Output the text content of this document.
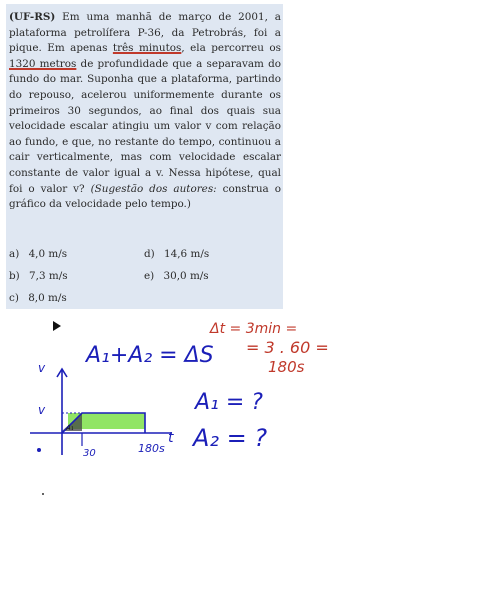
(UF-RS) Em uma manhã de março de 2001, a plataforma petrolífera P-36, da Petrobrás, foi a pique. Em apenas três minutos, ela percorreu os 1320 metros de profundidade que a separavam do fundo do mar. Suponha que a plataforma, partindo do repouso, acelerou uniformemente durante os primeiros 30 segundos, ao final dos quais sua velocidade escalar atingiu um valor v com relação ao fundo, e que, no restante do tempo, continuou a cair verticalmente, mas com velocidade escalar constante de valor igual a v. Nessa hipótese, qual foi o valor v? (Sugestão dos autores: construa o gráfico da velocidade pelo tempo.)

a) 4,0 m/s
b) 7,3 m/s
c) 8,0 m/s
d) 14,6 m/s
e) 30,0 m/s
A₁+A₂ = ΔS
Δt = 3min =
= 3 . 60 =
180s
A₁ = ?
A₂ = ?
v
v
t
30	180s
A₁
